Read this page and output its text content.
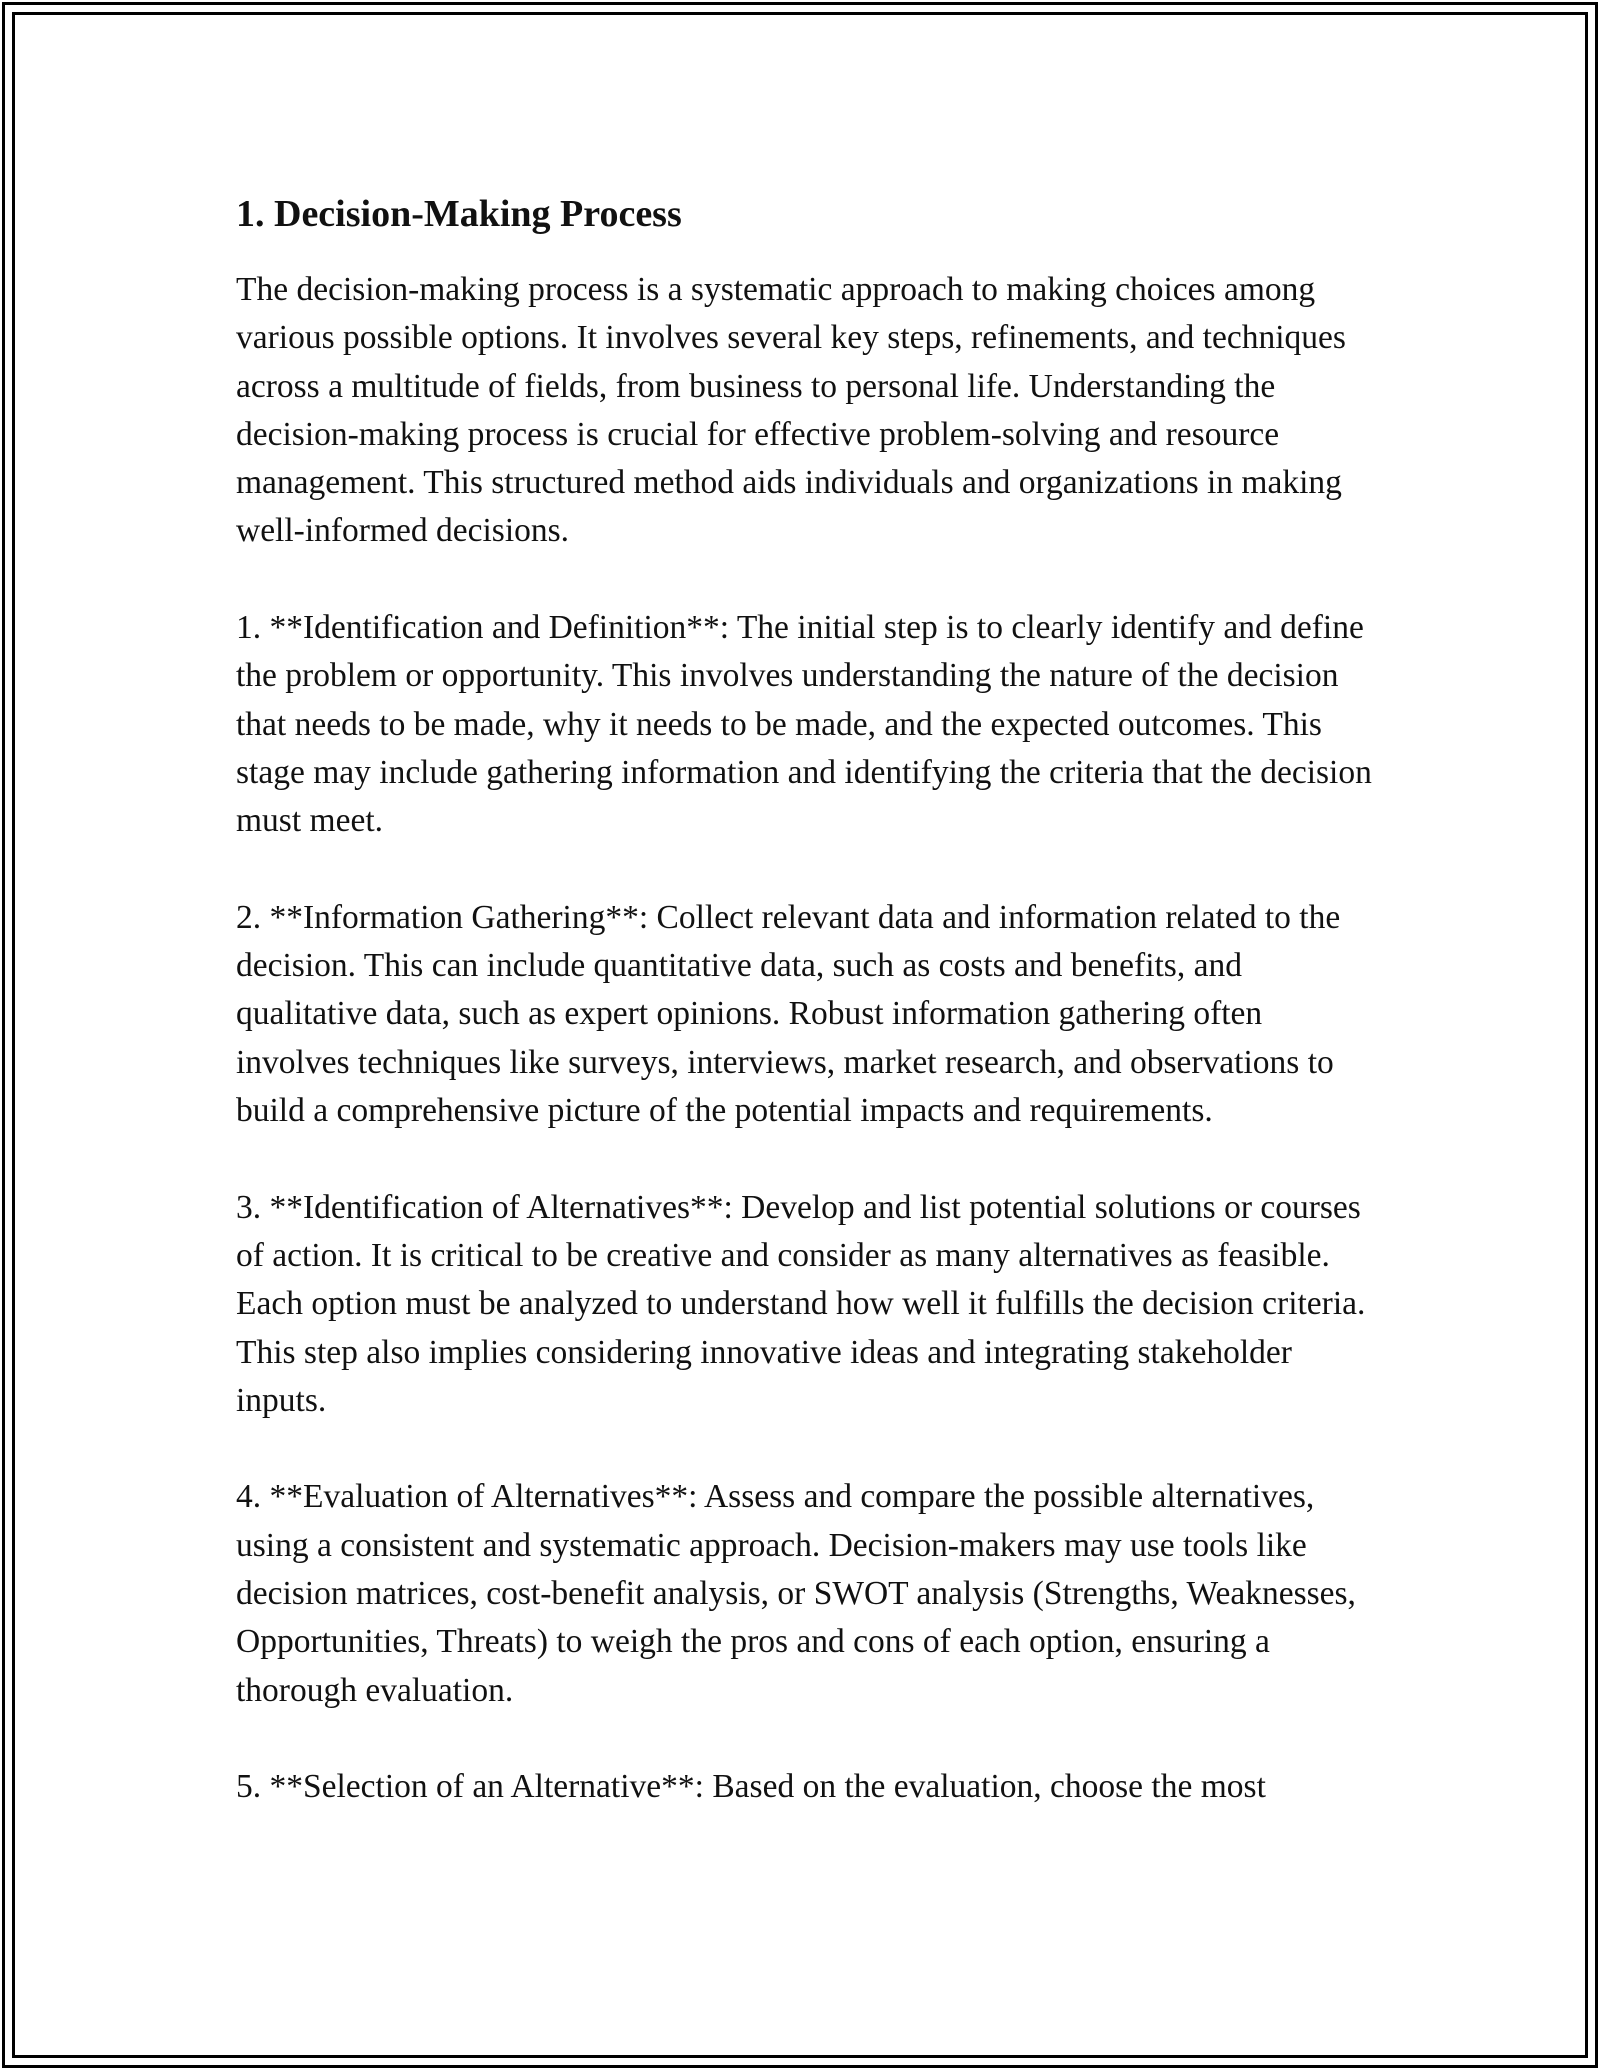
1. Decision-Making Process

The decision-making process is a systematic approach to making choices among various possible options. It involves several key steps, refinements, and techniques across a multitude of fields, from business to personal life. Understanding the decision-making process is crucial for effective problem-solving and resource management. This structured method aids individuals and organizations in making well-informed decisions.

1. **Identification and Definition**: The initial step is to clearly identify and define the problem or opportunity. This involves understanding the nature of the decision that needs to be made, why it needs to be made, and the expected outcomes. This stage may include gathering information and identifying the criteria that the decision must meet.

2. **Information Gathering**: Collect relevant data and information related to the decision. This can include quantitative data, such as costs and benefits, and qualitative data, such as expert opinions. Robust information gathering often involves techniques like surveys, interviews, market research, and observations to build a comprehensive picture of the potential impacts and requirements.

3. **Identification of Alternatives**: Develop and list potential solutions or courses of action. It is critical to be creative and consider as many alternatives as feasible. Each option must be analyzed to understand how well it fulfills the decision criteria. This step also implies considering innovative ideas and integrating stakeholder inputs.

4. **Evaluation of Alternatives**: Assess and compare the possible alternatives, using a consistent and systematic approach. Decision-makers may use tools like decision matrices, cost-benefit analysis, or SWOT analysis (Strengths, Weaknesses, Opportunities, Threats) to weigh the pros and cons of each option, ensuring a thorough evaluation.

5. **Selection of an Alternative**: Based on the evaluation, choose the most
